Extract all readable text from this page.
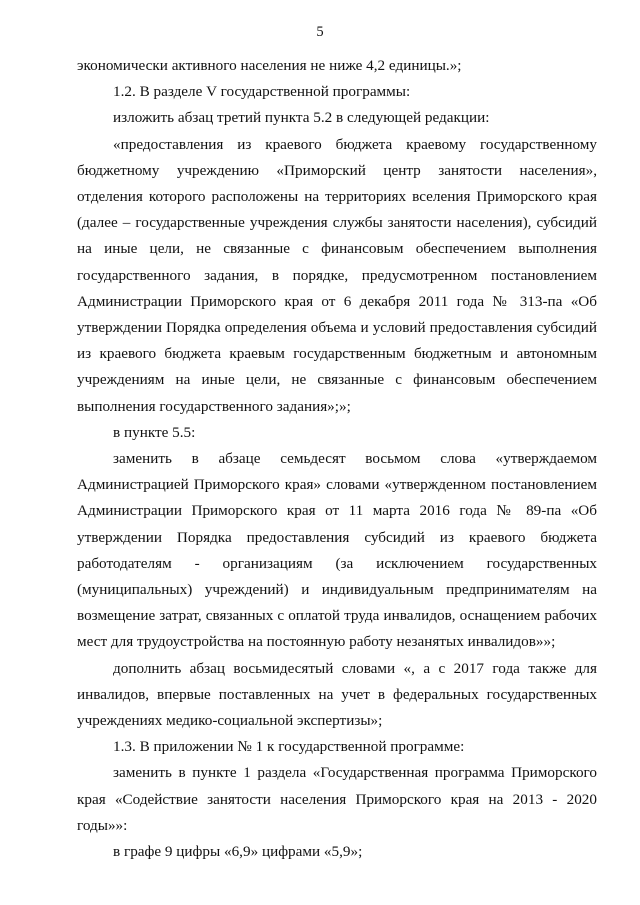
5

экономически активного населения не ниже 4,2 единицы.»;

1.2. В разделе V государственной программы:

изложить абзац третий пункта 5.2 в следующей редакции:

«предоставления из краевого бюджета краевому государственному бюджетному учреждению «Приморский центр занятости населения», отделения которого расположены на территориях вселения Приморского края (далее – государственные учреждения службы занятости населения), субсидий на иные цели, не связанные с финансовым обеспечением выполнения государственного задания, в порядке, предусмотренном постановлением Администрации Приморского края от 6 декабря 2011 года № 313-па «Об утверждении Порядка определения объема и условий предоставления субсидий из краевого бюджета краевым государственным бюджетным и автономным учреждениям на иные цели, не связанные с финансовым обеспечением выполнения государственного задания»;»;

в пункте 5.5:

заменить в абзаце семьдесят восьмом слова «утверждаемом Администрацией Приморского края» словами «утвержденном постановлением Администрации Приморского края от 11 марта 2016 года № 89-па «Об утверждении Порядка предоставления субсидий из краевого бюджета работодателям - организациям (за исключением государственных (муниципальных) учреждений) и индивидуальным предпринимателям на возмещение затрат, связанных с оплатой труда инвалидов, оснащением рабочих мест для трудоустройства на постоянную работу незанятых инвалидов»»;

дополнить абзац восьмидесятый словами «, а с 2017 года также для инвалидов, впервые поставленных на учет в федеральных государственных учреждениях медико-социальной экспертизы»;

1.3. В приложении № 1 к государственной программе:

заменить в пункте 1 раздела «Государственная программа Приморского края «Содействие занятости населения Приморского края на 2013 - 2020 годы»»:

в графе 9 цифры «6,9» цифрами «5,9»;
